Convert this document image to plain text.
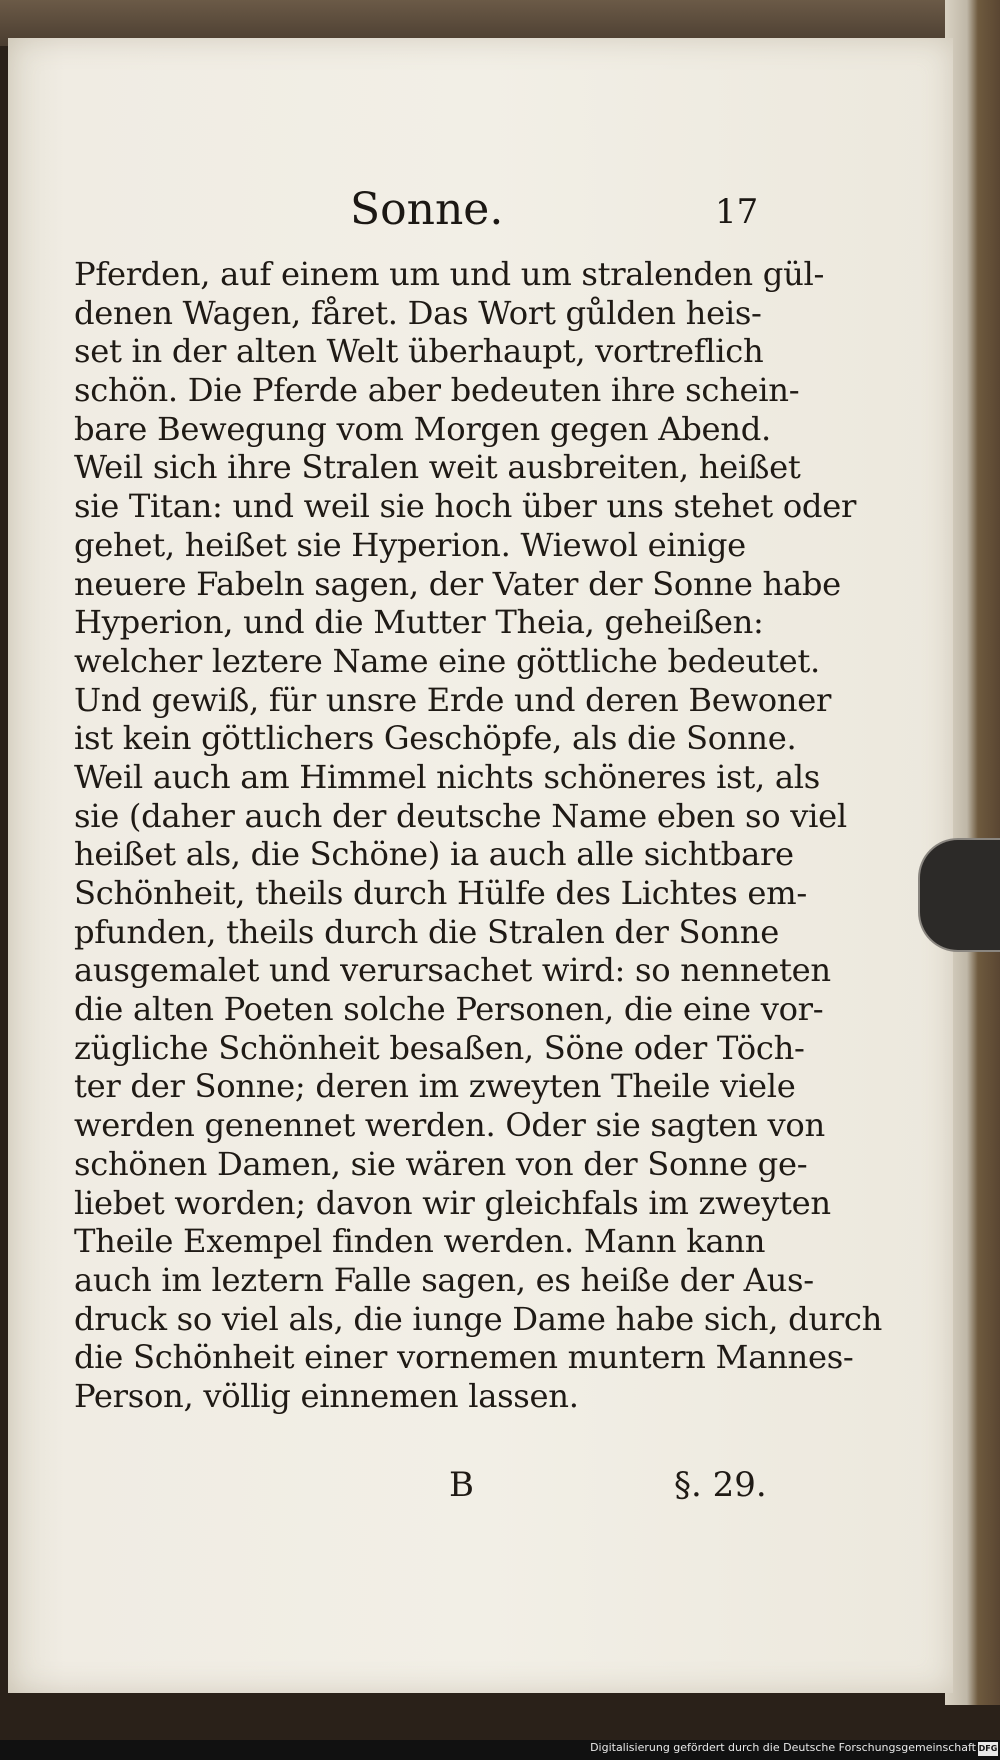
Sonne.	17
Pferden, auf einem um und um stralenden gül-
denen Wagen, fåret. Das Wort gůlden heis-
set in der alten Welt überhaupt, vortreflich
schön. Die Pferde aber bedeuten ihre schein-
bare Bewegung vom Morgen gegen Abend.
Weil sich ihre Stralen weit ausbreiten, heißet
sie Titan: und weil sie hoch über uns stehet oder
gehet, heißet sie Hyperion. Wiewol einige
neuere Fabeln sagen, der Vater der Sonne habe
Hyperion, und die Mutter Theia, geheißen:
welcher leztere Name eine göttliche bedeutet.
Und gewiß, für unsre Erde und deren Bewoner
ist kein göttlichers Geschöpfe, als die Sonne.
Weil auch am Himmel nichts schöneres ist, als
sie (daher auch der deutsche Name eben so viel
heißet als, die Schöne) ia auch alle sichtbare
Schönheit, theils durch Hülfe des Lichtes em-
pfunden, theils durch die Stralen der Sonne
ausgemalet und verursachet wird: so nenneten
die alten Poeten solche Personen, die eine vor-
zügliche Schönheit besaßen, Söne oder Töch-
ter der Sonne; deren im zweyten Theile viele
werden genennet werden. Oder sie sagten von
schönen Damen, sie wären von der Sonne ge-
liebet worden; davon wir gleichfals im zweyten
Theile Exempel finden werden. Mann kann
auch im leztern Falle sagen, es heiße der Aus-
druck so viel als, die iunge Dame habe sich, durch
die Schönheit einer vornemen muntern Mannes-
Person, völlig einnemen lassen.
B	§. 29.
Digitalisierung gefördert durch die Deutsche Forschungsgemeinschaft DFG
